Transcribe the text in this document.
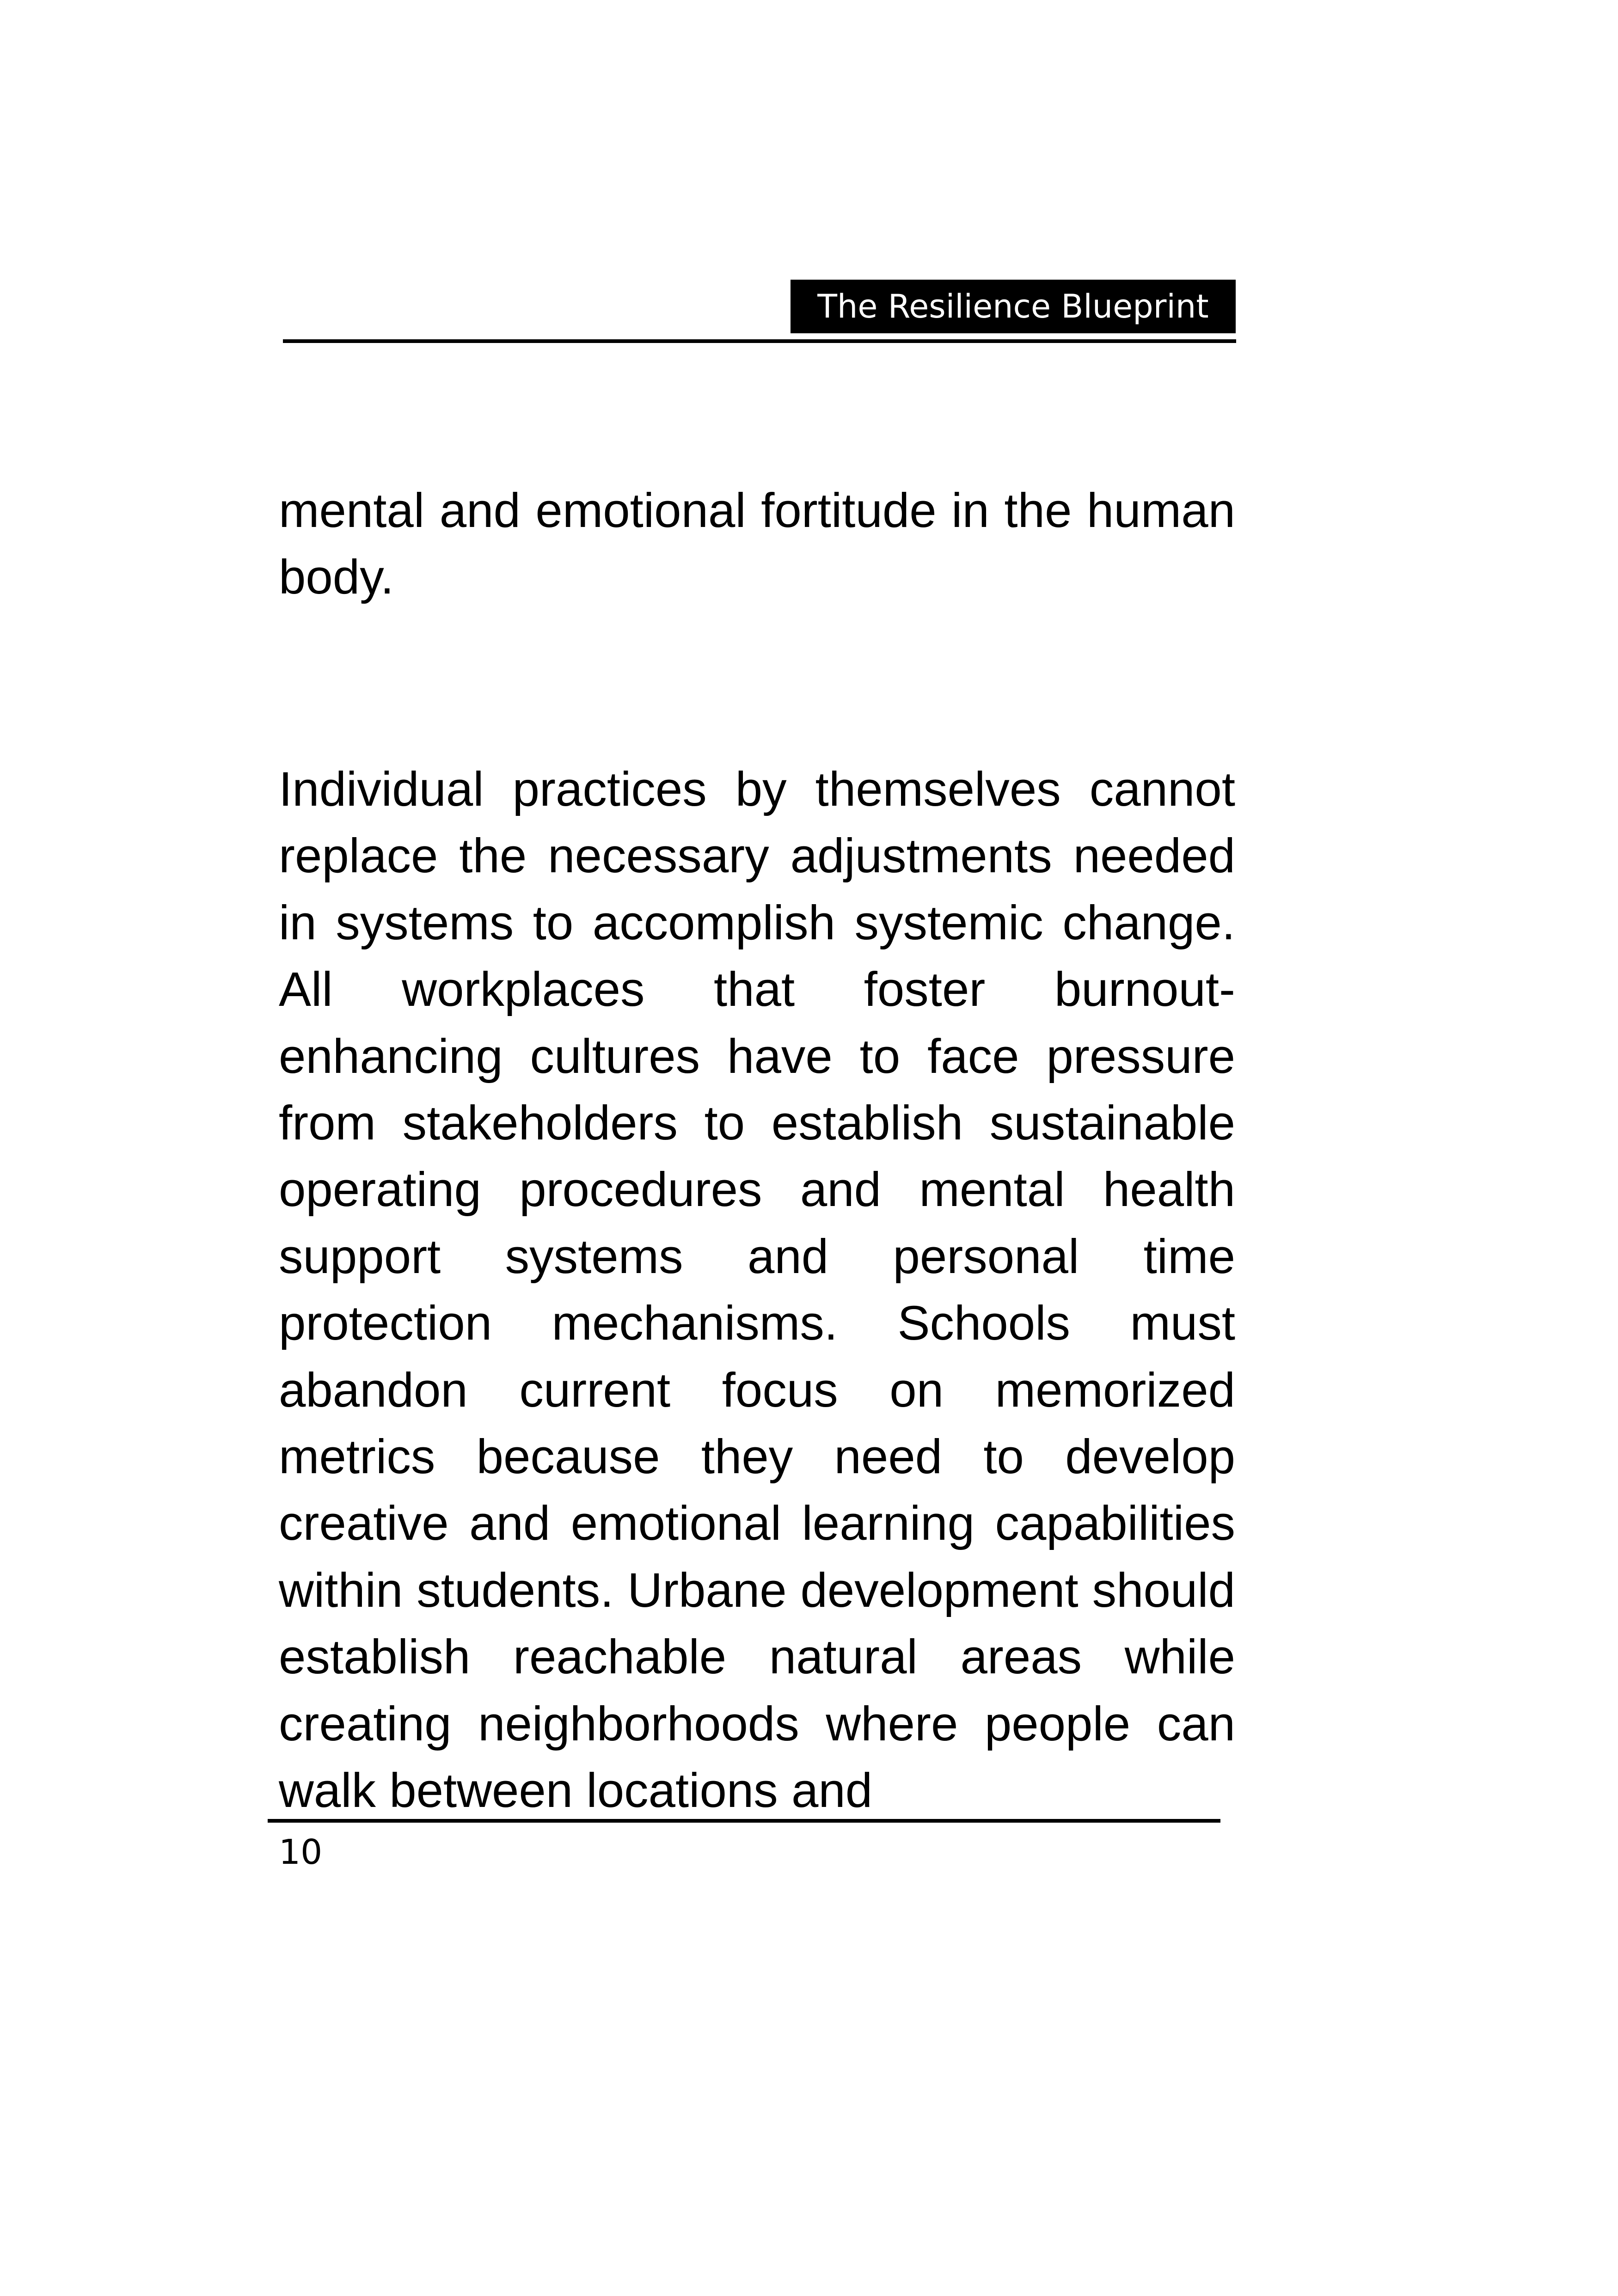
The Resilience Blueprint

mental and emotional fortitude in the human body.

Individual practices by themselves cannot replace the necessary adjustments needed in systems to accomplish systemic change. All workplaces that foster burnout-enhancing cultures have to face pressure from stakeholders to establish sustainable operating procedures and mental health support systems and personal time protection mechanisms. Schools must abandon current focus on memorized metrics because they need to develop creative and emotional learning capabilities within students. Urbane development should establish reachable natural areas while creating neighborhoods where people can walk between locations and

10
